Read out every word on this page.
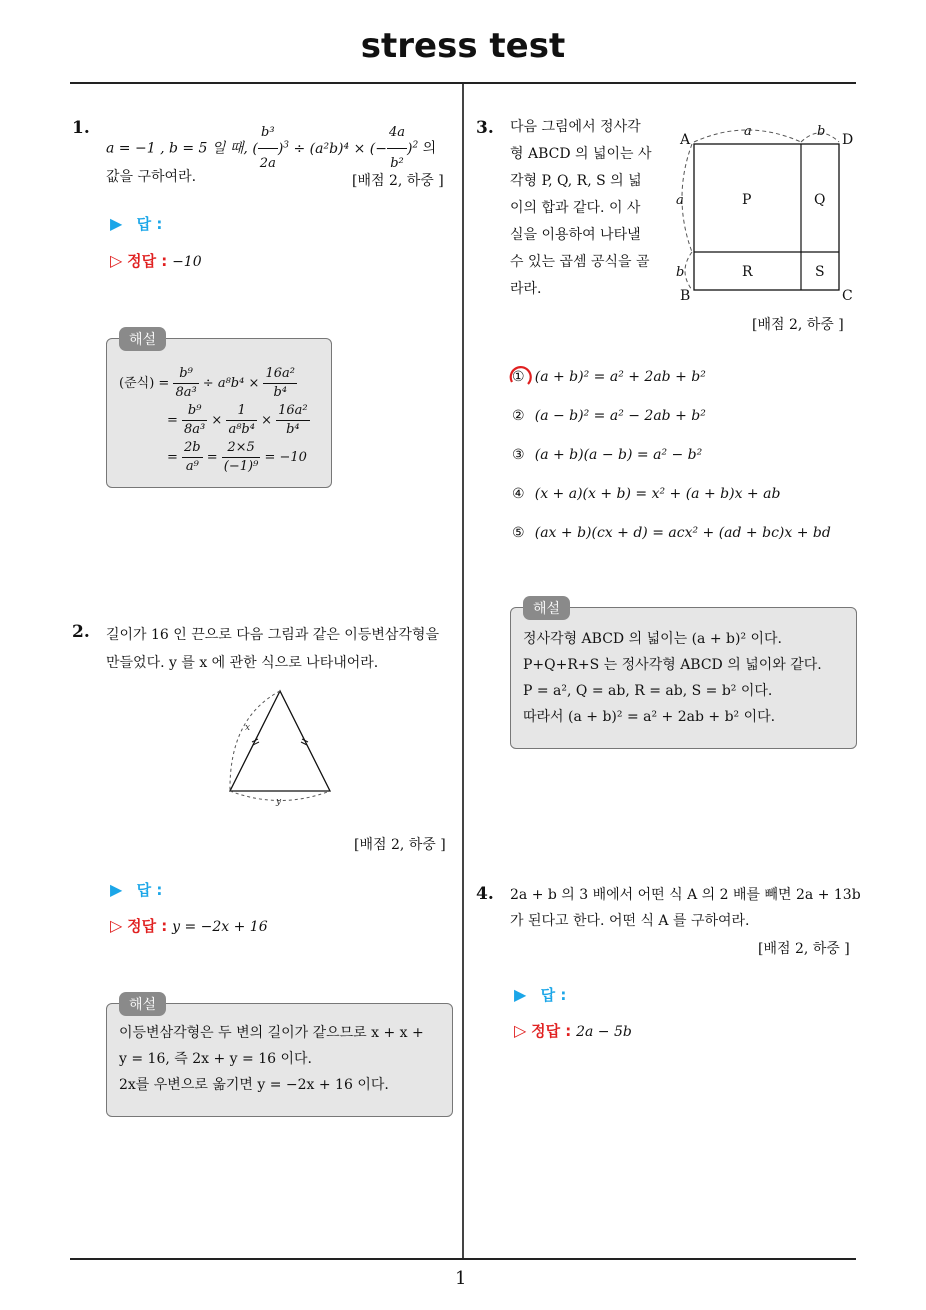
stress test
1
1.
a = −1 , b = 5 일 때, ( $\frac{\text{b³}}{2a} )^3 \div (a^2b)^4$ × (− $\frac{4a}{\text{b²}} )^2$ 의
값을 구하여라.	[배점 2, 하중 ]
▶ 답 :
▷ 정답 : −10
해설
(준식) = $\frac{\text{b⁹}}{\text{8a³}} \div a^8b^4 \times \frac{\text{16a²}}{\text{b⁴}}$
= $\frac{\text{b⁹}}{\text{8a³}} \times \frac{1}{\text{a⁸b⁴}} \times \frac{\text{16a²}}{\text{b⁴}}$
= $\frac{2b}{\text{a⁹}} = \frac{2\times 5}{\text{(−1)⁹}} = -10$
2. 길이가 16 인 끈으로 다음 그림과 같은 이등변삼각형을
만들었다. y 를 x 에 관한 식으로 나타내어라.
x
y
[배점 2, 하중 ]
▶ 답 :
▷ 정답 : y = −2x + 16
해설
이등변삼각형은 두 변의 길이가 같으므로 x + x +
y = 16, 즉 2x + y = 16 이다.
2x를 우변으로 옮기면 y = −2x + 16 이다.
3. 다음 그림에서 정사각
형 ABCD 의 넓이는 사
각형 P, Q, R, S 의 넓
이의 합과 같다. 이 사
실을 이용하여 나타낼
수 있는 곱셈 공식을 골
라라.
A	D
B	C
P	Q
R	S
a	b
a
b
[배점 2, 하중 ]
① (a + b)² = a² + 2ab + b²
② (a − b)² = a² − 2ab + b²
③ (a + b)(a − b) = a² − b²
④ (x + a)(x + b) = x² + (a + b)x + ab
⑤ (ax + b)(cx + d) = acx² + (ad + bc)x + bd
해설
정사각형 ABCD 의 넓이는 (a + b)² 이다.
P+Q+R+S 는 정사각형 ABCD 의 넓이와 같다.
P = a², Q = ab, R = ab, S = b² 이다.
따라서 (a + b)² = a² + 2ab + b² 이다.
4. 2a + b 의 3 배에서 어떤 식 A 의 2 배를 빼면 2a + 13b
가 된다고 한다. 어떤 식 A 를 구하여라.
[배점 2, 하중 ]
▶ 답 :
▷ 정답 : 2a − 5b
